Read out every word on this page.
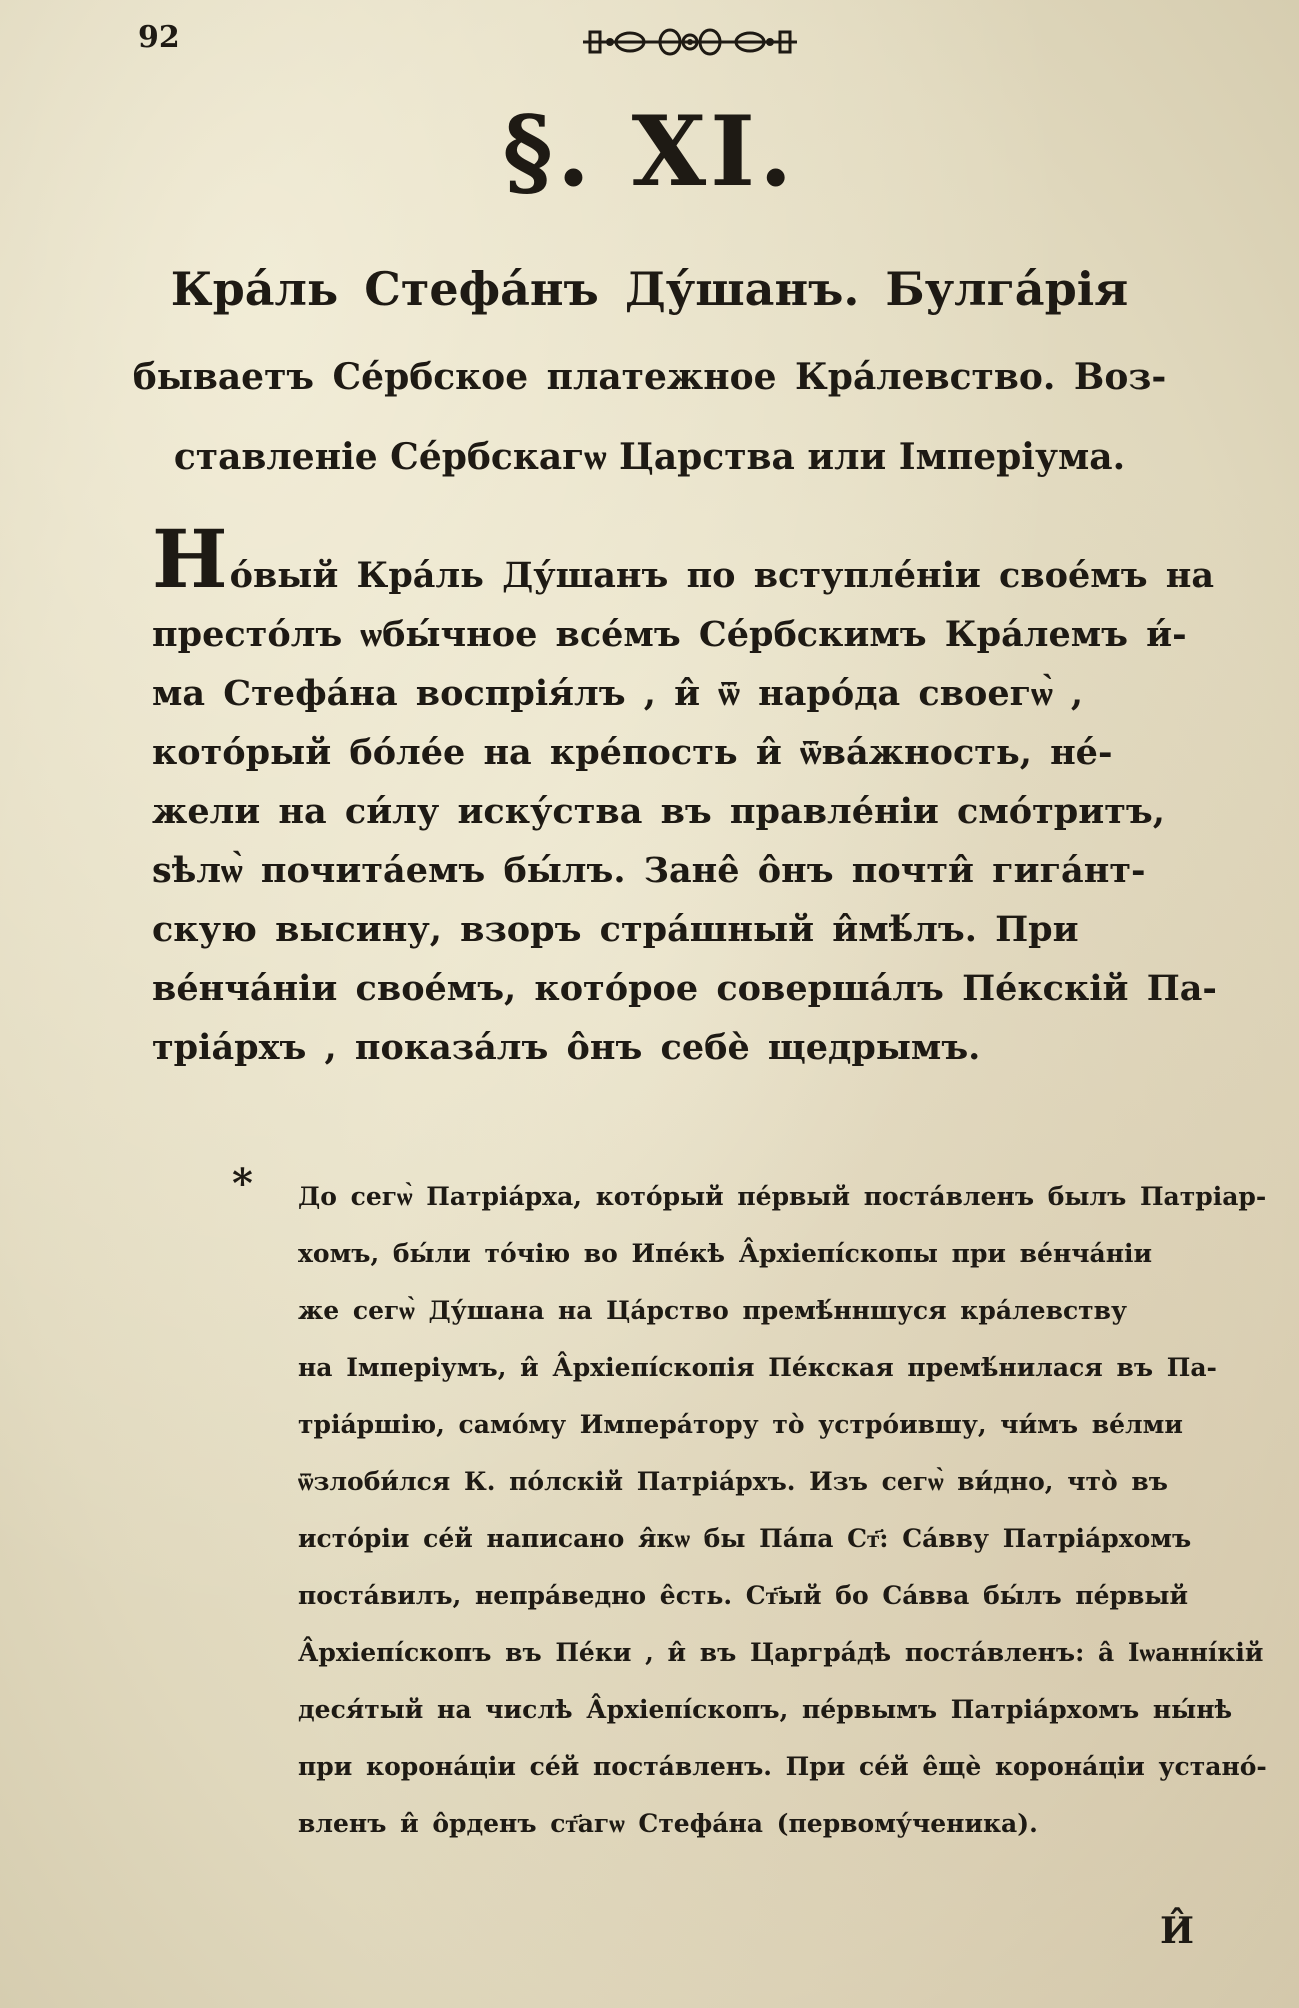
92
§. XI.
Кра́ль Стефа́нъ Ду́шанъ. Булга́рія
бываетъ Се́рбское платежное Кра́левство. Воз-
ставленіе Се́рбскагѡ Царства или Імперіума.
Но́вый Кра́ль Ду́шанъ по вступле́ніи свое́мъ на
престо́лъ ѡбы́чное все́мъ Се́рбскимъ Кра́лемъ и́-
ма Стефа́на воспрія́лъ , и̂ ѿ наро́да своегѡ̀ ,
кото́рый бо́ле́е на кре́пость и̂ ѿва́жность, не́-
жели на си́лу иску́ства въ правле́ніи смо́тритъ,
ѕѣлѡ̀ почита́емъ бы́лъ. Зане̂ о̂нъ почти̂ гига́нт-
скую высину, взоръ стра́шный и̂мѣ́лъ. При
ве́нча́ніи свое́мъ, кото́рое соверша́лъ Пе́кскій Па-
тріа́рхъ , показа́лъ о̂нъ себѐ щедрымъ.
* До сегѡ̀ Патріа́рха, кото́рый пе́рвый поста́вленъ былъ Патріар-
хомъ, бы́ли то́чію во Ипе́кѣ А̂рхіепі́скопы при ве́нча́ніи
же сегѡ̀ Ду́шана на Ца́рство премѣ́нншуся кра́левству
на Імперіумъ, и̂ А̂рхіепі́скопія Пе́кская премѣ́нилася въ Па-
тріа́ршію, само́му Импера́тору то̀ устро́ившу, чи́мъ ве́лми
ѿзлоби́лся К. по́лскій Патріа́рхъ. Изъ сегѡ̀ ви́дно, что̀ въ
исто́ріи се́й написано я̂кѡ бы Па́па Ст҃: Са́вву Патріа́рхомъ
поста́вилъ, непра́ведно е̂сть. Ст҃ый бо Са́вва бы́лъ пе́рвый
А̂рхіепі́скопъ въ Пе́ки , и̂ въ Царгра́дѣ поста́вленъ: а̂ Іѡанні́кій
деся́тый на числѣ А̂рхіепі́скопъ, пе́рвымъ Патріа́рхомъ ны́нѣ
при корона́ціи се́й поста́вленъ. При се́й е̂щѐ корона́ціи устано́-
вленъ и̂ о̂рденъ ст҃агѡ Стефа́на (первому́ченика).
И̂
